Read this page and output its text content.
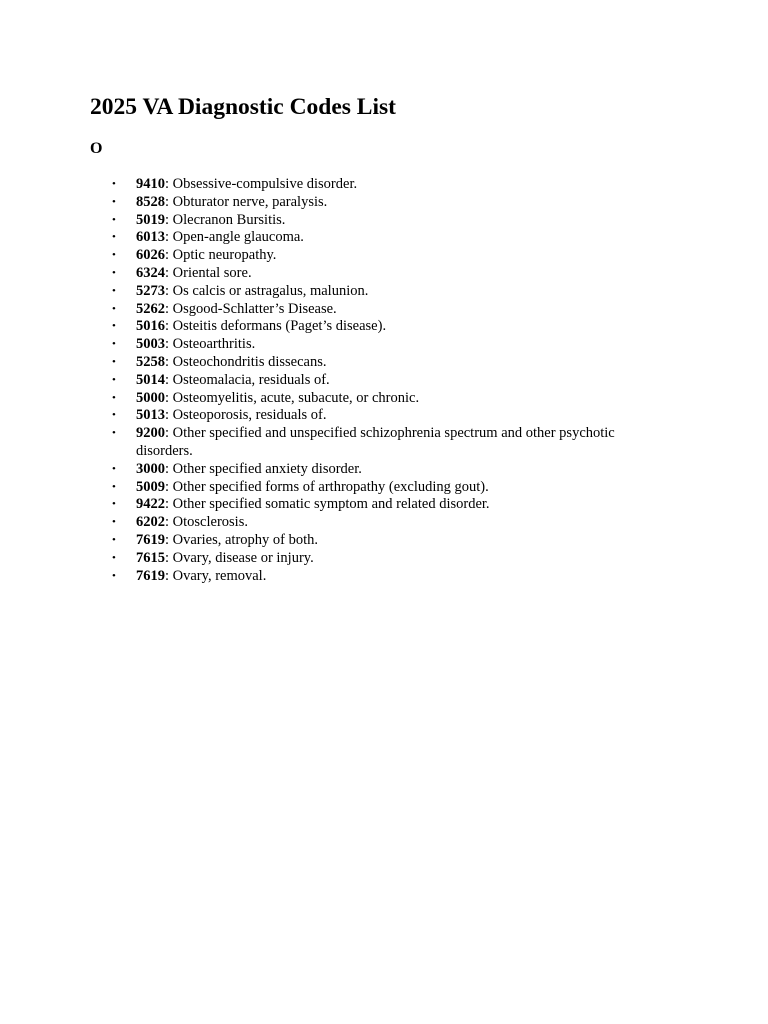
2025 VA Diagnostic Codes List
O
•	9410: Obsessive-compulsive disorder.
•	8528: Obturator nerve, paralysis.
•	5019: Olecranon Bursitis.
•	6013: Open-angle glaucoma.
•	6026: Optic neuropathy.
•	6324: Oriental sore.
•	5273: Os calcis or astragalus, malunion.
•	5262: Osgood-Schlatter’s Disease.
•	5016: Osteitis deformans (Paget’s disease).
•	5003: Osteoarthritis.
•	5258: Osteochondritis dissecans.
•	5014: Osteomalacia, residuals of.
•	5000: Osteomyelitis, acute, subacute, or chronic.
•	5013: Osteoporosis, residuals of.
•	9200: Other specified and unspecified schizophrenia spectrum and other psychotic disorders.
•	3000: Other specified anxiety disorder.
•	5009: Other specified forms of arthropathy (excluding gout).
•	9422: Other specified somatic symptom and related disorder.
•	6202: Otosclerosis.
•	7619: Ovaries, atrophy of both.
•	7615: Ovary, disease or injury.
•	7619: Ovary, removal.
